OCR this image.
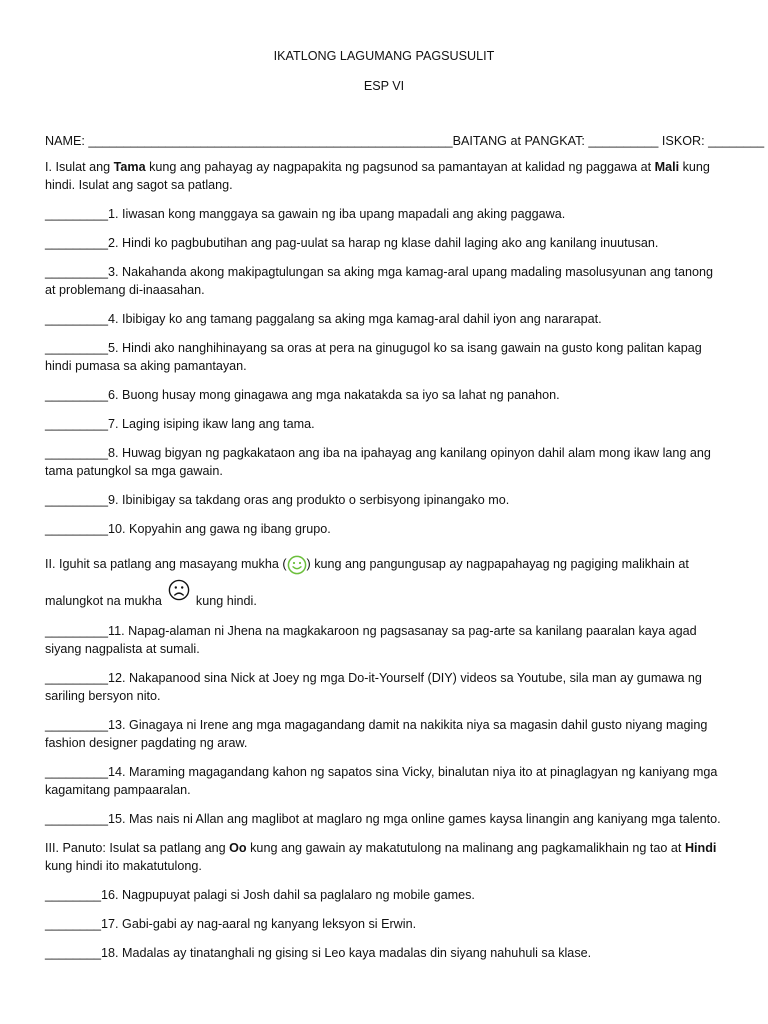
IKATLONG LAGUMANG PAGSUSULIT
ESP VI

NAME: ____________________________________________________BAITANG at PANGKAT: __________ ISKOR: ________

I. Isulat ang Tama kung ang pahayag ay nagpapakita ng pagsunod sa pamantayan at kalidad ng paggawa at Mali kung hindi. Isulat ang sagot sa patlang.

_________1. Iiwasan kong manggaya sa gawain ng iba upang mapadali ang aking paggawa.

_________2. Hindi ko pagbubutihan ang pag-uulat sa harap ng klase dahil laging ako ang kanilang inuutusan.

_________3. Nakahanda akong makipagtulungan sa aking mga kamag-aral upang madaling masolusyunan ang tanong at problemang di-inaasahan.

_________4. Ibibigay ko ang tamang paggalang sa aking mga kamag-aral dahil iyon ang nararapat.

_________5. Hindi ako nanghihinayang sa oras at pera na ginugugol ko sa isang gawain na gusto kong palitan kapag hindi pumasa sa aking pamantayan.

_________6. Buong husay mong ginagawa ang mga nakatakda sa iyo sa lahat ng panahon.

_________7. Laging isiping ikaw lang ang tama.

_________8. Huwag bigyan ng pagkakataon ang iba na ipahayag ang kanilang opinyon dahil alam mong ikaw lang ang tama patungkol sa mga gawain.

_________9. Ibinibigay sa takdang oras ang produkto o serbisyong ipinangako mo.

_________10. Kopyahin ang gawa ng ibang grupo.

II. Iguhit sa patlang ang masayang mukha ( ) kung ang pangungusap ay nagpapahayag ng pagiging malikhain at
malungkot na mukha	kung hindi.

_________11. Napag-alaman ni Jhena na magkakaroon ng pagsasanay sa pag-arte sa kanilang paaralan kaya agad siyang nagpalista at sumali.

_________12. Nakapanood sina Nick at Joey ng mga Do-it-Yourself (DIY) videos sa Youtube, sila man ay gumawa ng sariling bersyon nito.

_________13. Ginagaya ni Irene ang mga magagandang damit na nakikita niya sa magasin dahil gusto niyang maging fashion designer pagdating ng araw.

_________14. Maraming magagandang kahon ng sapatos sina Vicky, binalutan niya ito at pinaglagyan ng kaniyang mga kagamitang pampaaralan.

_________15. Mas nais ni Allan ang maglibot at maglaro ng mga online games kaysa linangin ang kaniyang mga talento.

III. Panuto: Isulat sa patlang ang Oo kung ang gawain ay makatutulong na malinang ang pagkamalikhain ng tao at Hindi kung hindi ito makatutulong.

________16. Nagpupuyat palagi si Josh dahil sa paglalaro ng mobile games.

________17. Gabi-gabi ay nag-aaral ng kanyang leksyon si Erwin.

________18. Madalas ay tinatanghali ng gising si Leo kaya madalas din siyang nahuhuli sa klase.
